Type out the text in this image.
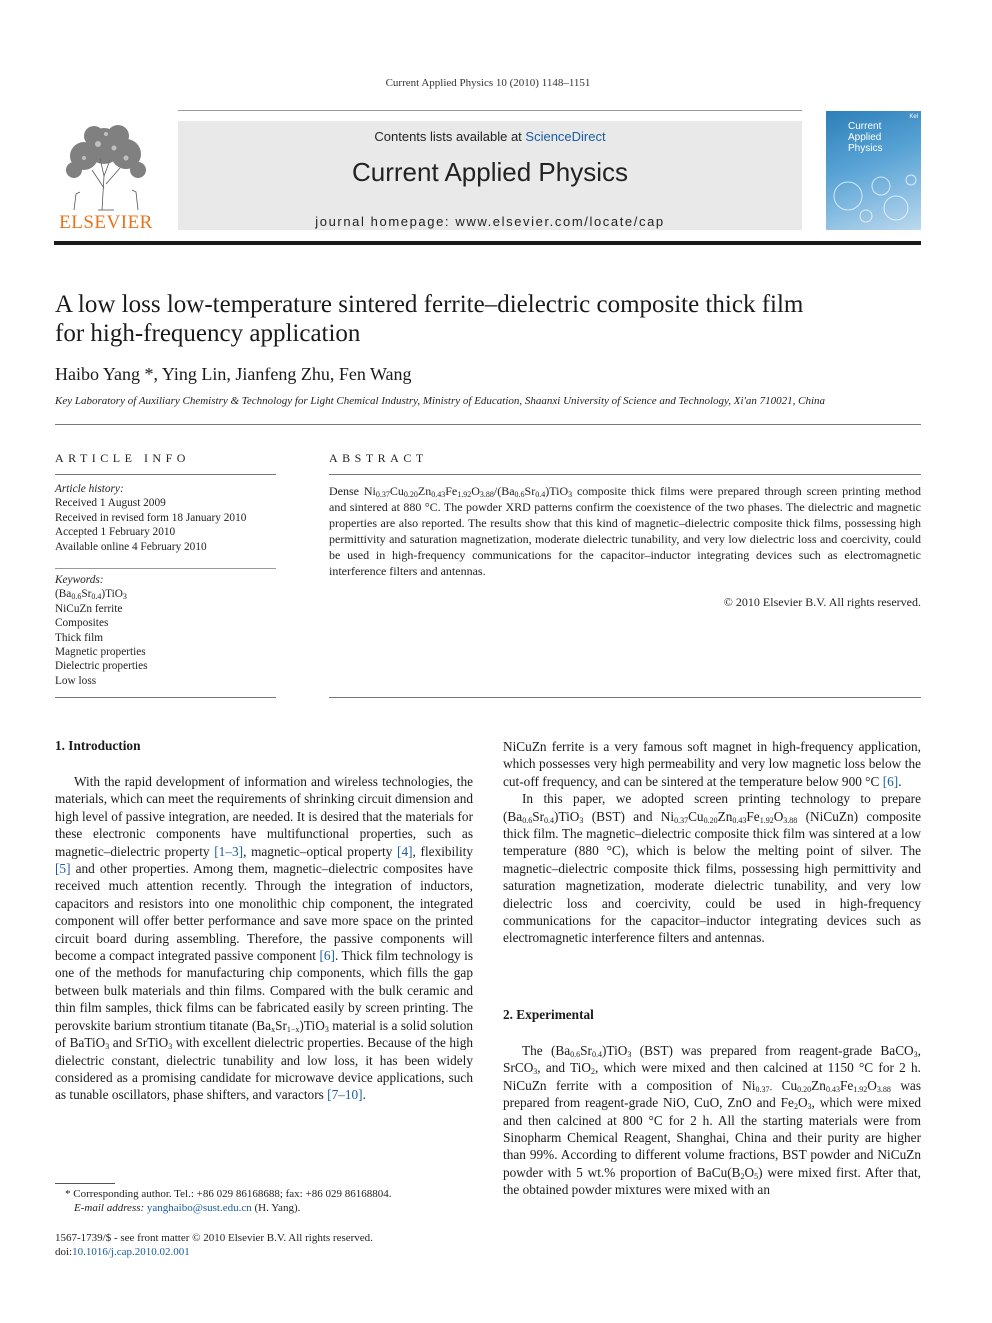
Current Applied Physics 10 (2010) 1148–1151
ELSEVIER
Contents lists available at ScienceDirect
Current Applied Physics
journal homepage: www.elsevier.com/locate/cap
Kel
Current
Applied
Physics
A low loss low-temperature sintered ferrite–dielectric composite thick film
for high-frequency application
Haibo Yang *, Ying Lin, Jianfeng Zhu, Fen Wang
Key Laboratory of Auxiliary Chemistry & Technology for Light Chemical Industry, Ministry of Education, Shaanxi University of Science and Technology, Xi'an 710021, China
ARTICLE INFO
Article history:
Received 1 August 2009
Received in revised form 18 January 2010
Accepted 1 February 2010
Available online 4 February 2010
Keywords:
$(Ba_{0.6}Sr_{0.4})TiO_3$
NiCuZn ferrite
Composites
Thick film
Magnetic properties
Dielectric properties
Low loss
ABSTRACT
Dense $Ni_{0.37}Cu_{0.20}Zn_{0.43}Fe_{1.92}O_{3.88}/(Ba_{0.6}Sr_{0.4})TiO_3$ composite thick films were prepared through screen printing method and sintered at 880 °C. The powder XRD patterns confirm the coexistence of the two phases. The dielectric and magnetic properties are also reported. The results show that this kind of magnetic–dielectric composite thick films, possessing high permittivity and saturation magnetization, moderate dielectric tunability, and very low dielectric loss and coercivity, could be used in high-frequency communications for the capacitor–inductor integrating devices such as electromagnetic interference filters and antennas.
© 2010 Elsevier B.V. All rights reserved.
1. Introduction

With the rapid development of information and wireless technologies, the materials, which can meet the requirements of shrinking circuit dimension and high level of passive integration, are needed. It is desired that the materials for these electronic components have multifunctional properties, such as magnetic–dielectric property [1–3], magnetic–optical property [4], flexibility [5] and other properties. Among them, magnetic–dielectric composites have received much attention recently. Through the integration of inductors, capacitors and resistors into one monolithic chip component, the integrated component will offer better performance and save more space on the printed circuit board during assembling. Therefore, the passive components will become a compact integrated passive component [6]. Thick film technology is one of the methods for manufacturing chip components, which fills the gap between bulk materials and thin films. Compared with the bulk ceramic and thin film samples, thick films can be fabricated easily by screen printing. The perovskite barium strontium titanate $(Ba_xSr_{1-x})TiO_3$ material is a solid solution of BaTiO$_3$ and SrTiO$_3$ with excellent dielectric properties. Because of the high dielectric constant, dielectric tunability and low loss, it has been widely considered as a promising candidate for microwave device applications, such as tunable oscillators, phase shifters, and varactors [7–10].

* Corresponding author. Tel.: +86 029 86168688; fax: +86 029 86168804.
E-mail address: yanghaibo@sust.edu.cn (H. Yang).
1567-1739/$ - see front matter © 2010 Elsevier B.V. All rights reserved.
doi:10.1016/j.cap.2010.02.001

NiCuZn ferrite is a very famous soft magnet in high-frequency application, which possesses very high permeability and very low magnetic loss below the cut-off frequency, and can be sintered at the temperature below 900 °C [6].

In this paper, we adopted screen printing technology to prepare $(Ba_{0.6}Sr_{0.4})TiO_3$ (BST) and $Ni_{0.37}Cu_{0.20}Zn_{0.43}Fe_{1.92}O_{3.88}$ (NiCuZn) composite thick film. The magnetic–dielectric composite thick film was sintered at a low temperature (880 °C), which is below the melting point of silver. The magnetic–dielectric composite thick films, possessing high permittivity and saturation magnetization, moderate dielectric tunability, and very low dielectric loss and coercivity, could be used in high-frequency communications for the capacitor–inductor integrating devices such as electromagnetic interference filters and antennas.

2. Experimental

The $(Ba_{0.6}Sr_{0.4})TiO_3$ (BST) was prepared from reagent-grade BaCO$_3$, SrCO$_3$, and TiO$_2$, which were mixed and then calcined at 1150 °C for 2 h. NiCuZn ferrite with a composition of $Ni_{0.37-}$ $Cu_{0.20}Zn_{0.43}Fe_{1.92}O_{3.88}$ was prepared from reagent-grade NiO, CuO, ZnO and $Fe_2O_3$, which were mixed and then calcined at 800 °C for 2 h. All the starting materials were from Sinopharm Chemical Reagent, Shanghai, China and their purity are higher than 99%. According to different volume fractions, BST powder and NiCuZn powder with 5 wt.% proportion of $BaCu(B_2O_5)$ were mixed first. After that, the obtained powder mixtures were mixed with an
